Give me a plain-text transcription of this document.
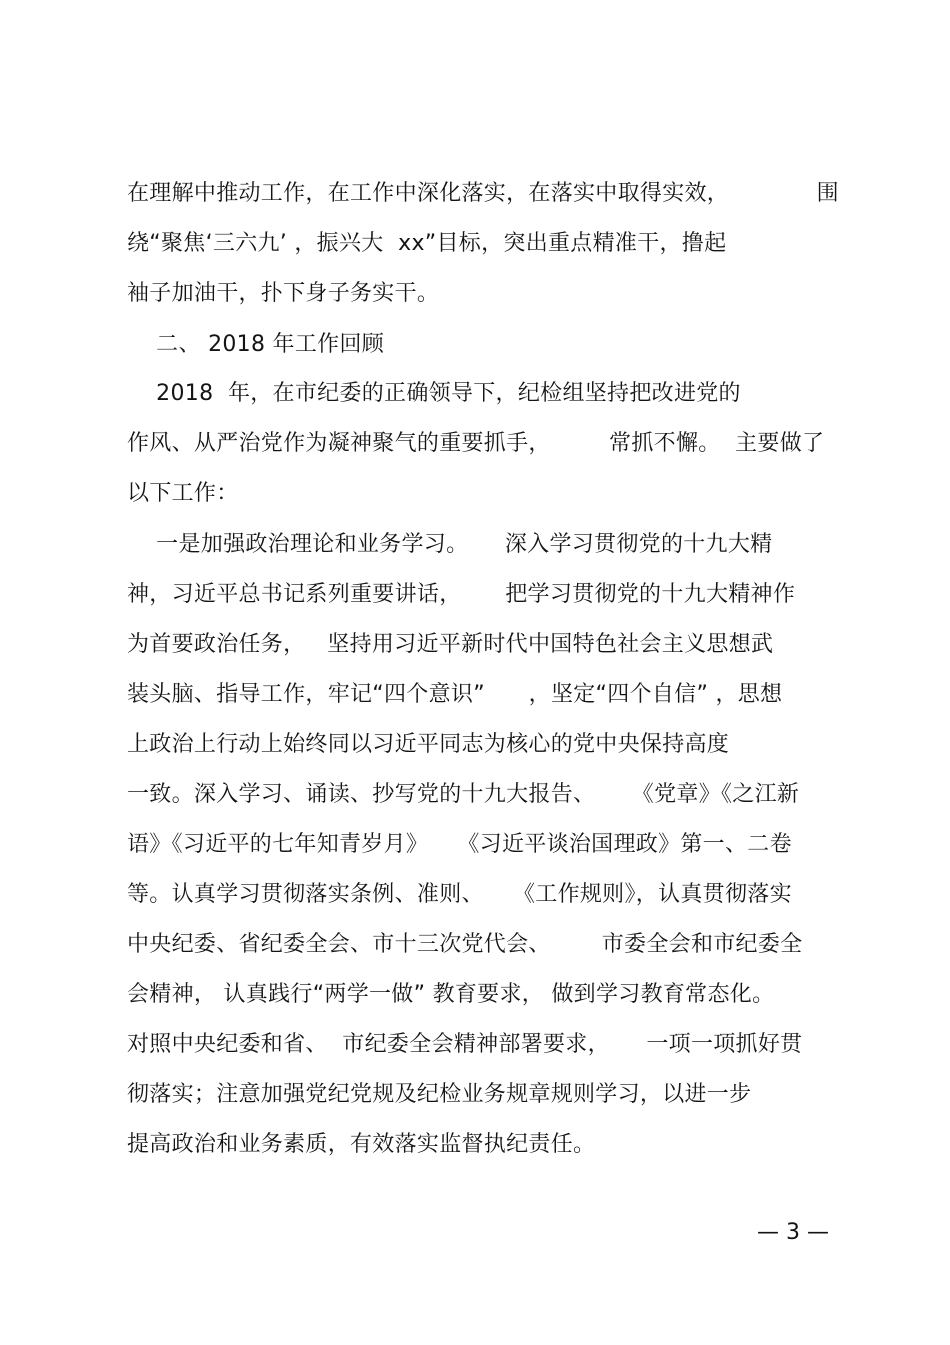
在理解中推动工作，在工作中深化落实，在落实中取得实效，            围
绕“聚焦‘三六九’ ，振兴大  xx”目标，突出重点精准干，撸起
袖子加油干，扑下身子务实干。
二、 2018 年工作回顾
2018  年，在市纪委的正确领导下，纪检组坚持把改进党的
作风、从严治党作为凝神聚气的重要抓手，        常抓不懈。  主要做了
以下工作：
一是加强政治理论和业务学习。     深入学习贯彻党的十九大精
神，习近平总书记系列重要讲话，      把学习贯彻党的十九大精神作
为首要政治任务，   坚持用习近平新时代中国特色社会主义思想武
装头脑、指导工作，牢记“四个意识”      ，坚定“四个自信” ，思想
上政治上行动上始终同以习近平同志为核心的党中央保持高度
一致。深入学习、诵读、抄写党的十九大报告、     《党章》《之江新
语》《习近平的七年知青岁月》    《习近平谈治国理政》第一、二卷
等。认真学习贯彻落实条例、准则、    《工作规则》，认真贯彻落实
中央纪委、省纪委全会、市十三次党代会、       市委全会和市纪委全
会精神， 认真践行“两学一做” 教育要求， 做到学习教育常态化。
对照中央纪委和省、  市纪委全会精神部署要求，     一项一项抓好贯
彻落实；注意加强党纪党规及纪检业务规章规则学习，以进一步
提高政治和业务素质，有效落实监督执纪责任。
— 3 —
